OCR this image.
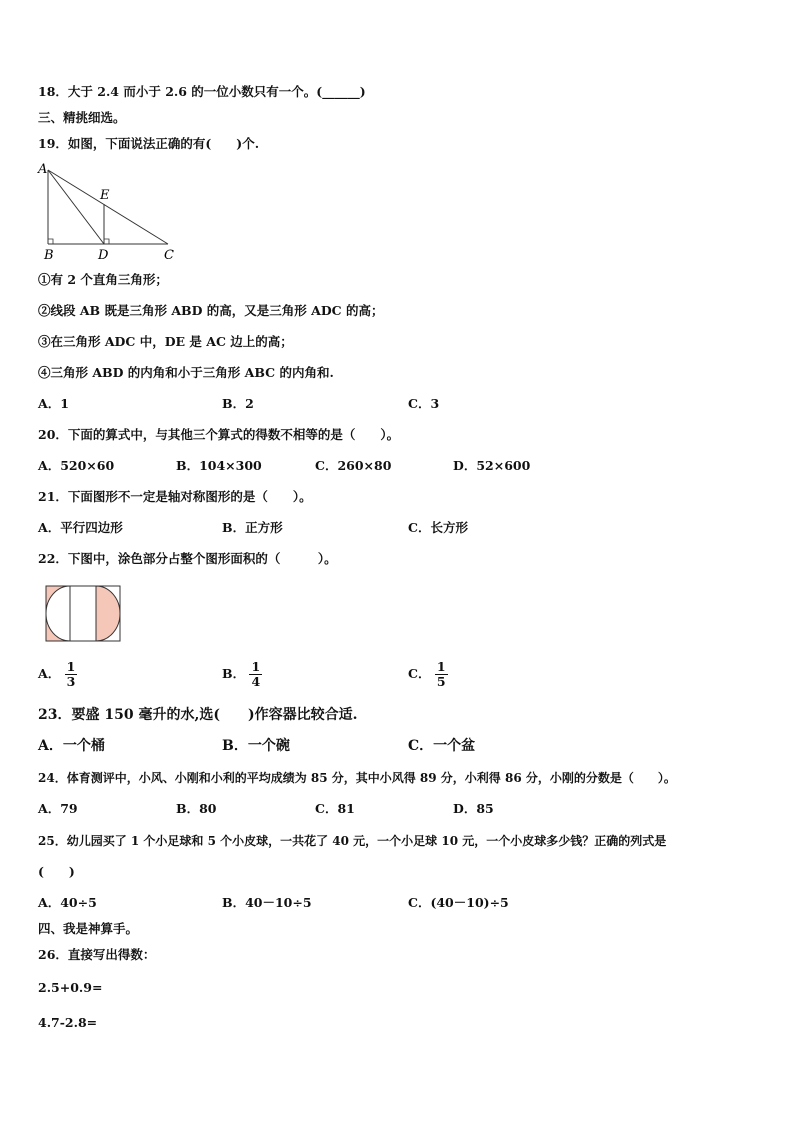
18．大于 2.4 而小于 2.6 的一位小数只有一个。(______)
三、精挑细选。
19．如图，下面说法正确的有(　　)个.
A
E
B	D	C
①有 2 个直角三角形；
②线段 AB 既是三角形 ABD 的高，又是三角形 ADC 的高；
③在三角形 ADC 中，DE 是 AC 边上的高；
④三角形 ABD 的内角和小于三角形 ABC 的内角和.
A．1	B．2	C．3
20．下面的算式中，与其他三个算式的得数不相等的是（　　）。
A．520×60	B．104×300	C．260×80	D．52×600
21．下面图形不一定是轴对称图形的是（　　）。
A．平行四边形	B．正方形	C．长方形
22．下图中，涂色部分占整个图形面积的（　　　）。
A． $\frac{1}{3}$	B． $\frac{1}{4}$	C． $\frac{1}{5}$
23．要盛 150 毫升的水,选(　　)作容器比较合适.
A．一个桶	B．一个碗	C．一个盆
24．体育测评中，小风、小刚和小利的平均成绩为 85 分，其中小风得 89 分，小利得 86 分，小刚的分数是（　　）。
A．79	B．80	C．81	D．85
25．幼儿园买了 1 个小足球和 5 个小皮球，一共花了 40 元，一个小足球 10 元，一个小皮球多少钱？正确的列式是
(　　)
A．40÷5	B．40－10÷5	C．(40－10)÷5
四、我是神算手。
26．直接写出得数：
2.5+0.9=
4.7-2.8=
